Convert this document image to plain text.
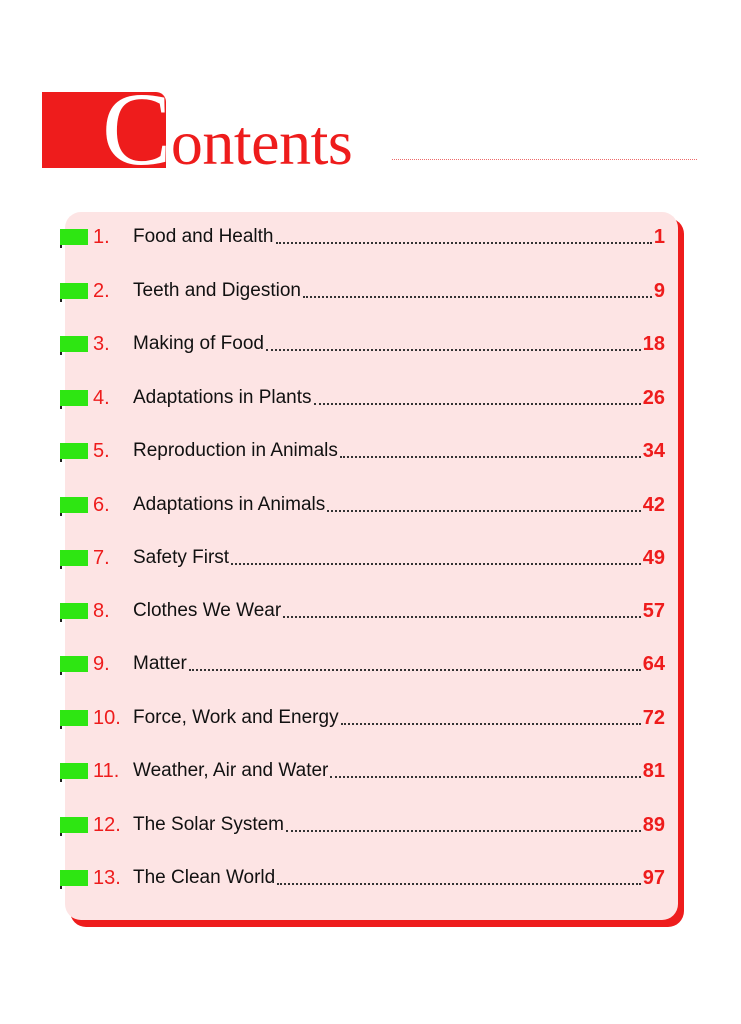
Contents
1.	Food and Health	1
2.	Teeth and Digestion	9
3.	Making of Food	18
4.	Adaptations in Plants	26
5.	Reproduction in Animals	34
6.	Adaptations in Animals	42
7.	Safety First	49
8.	Clothes We Wear	57
9.	Matter	64
10. Force, Work and Energy	72
11. Weather, Air and Water	81
12. The Solar System	89
13. The Clean World	97
